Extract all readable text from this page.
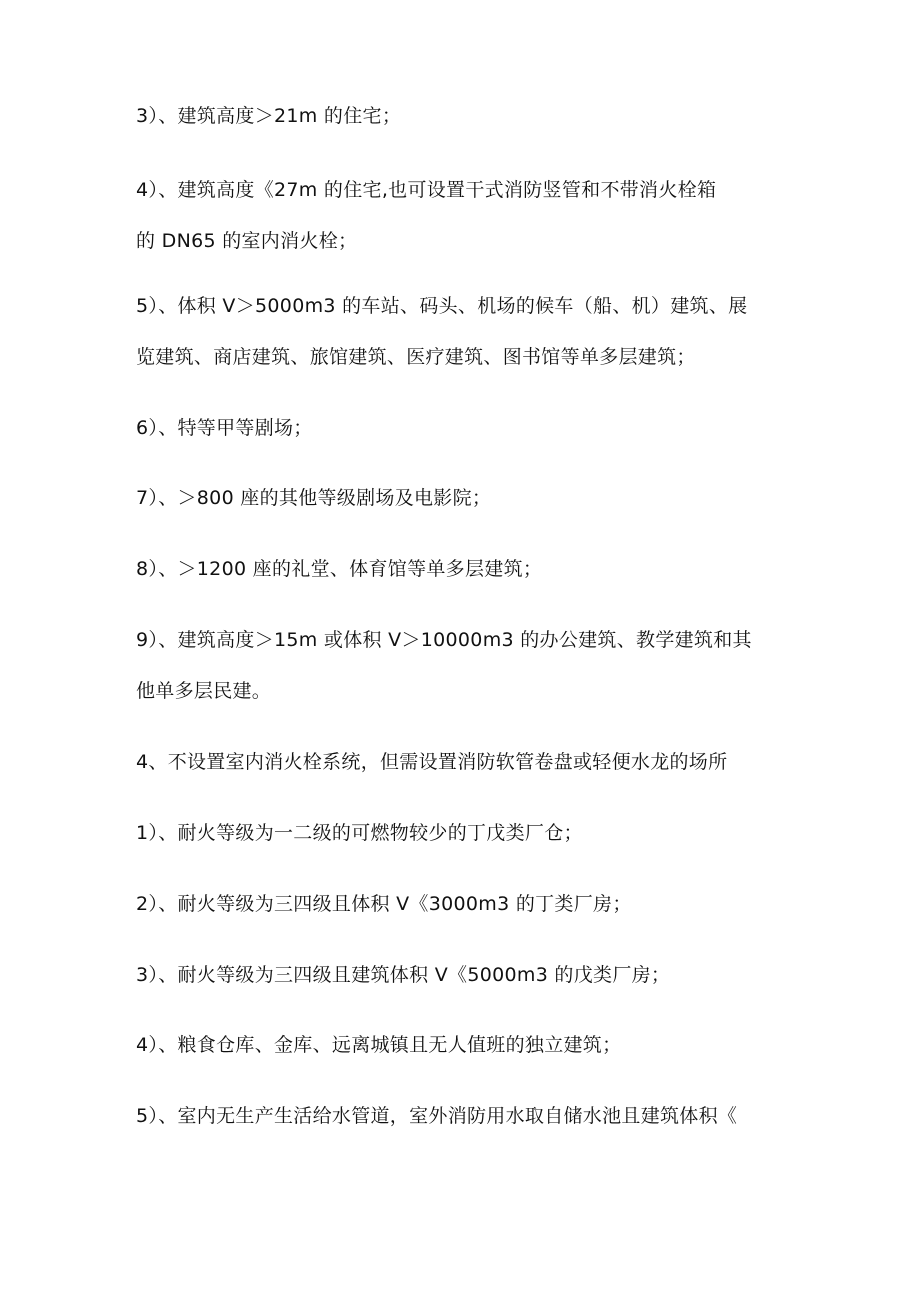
3）、建筑高度＞21m 的住宅；
4）、建筑高度《27m 的住宅,也可设置干式消防竖管和不带消火栓箱
的 DN65 的室内消火栓；
5）、体积 V＞5000m3 的车站、码头、机场的候车（船、机）建筑、展
览建筑、商店建筑、旅馆建筑、医疗建筑、图书馆等单多层建筑；
6）、特等甲等剧场；
7）、＞800 座的其他等级剧场及电影院；
8）、＞1200 座的礼堂、体育馆等单多层建筑；
9）、建筑高度＞15m 或体积 V＞10000m3 的办公建筑、教学建筑和其
他单多层民建。
4、不设置室内消火栓系统，但需设置消防软管卷盘或轻便水龙的场所
1）、耐火等级为一二级的可燃物较少的丁戊类厂仓；
2）、耐火等级为三四级且体积 V《3000m3 的丁类厂房；
3）、耐火等级为三四级且建筑体积 V《5000m3 的戊类厂房；
4）、粮食仓库、金库、远离城镇且无人值班的独立建筑；
5）、室内无生产生活给水管道，室外消防用水取自储水池且建筑体积《
